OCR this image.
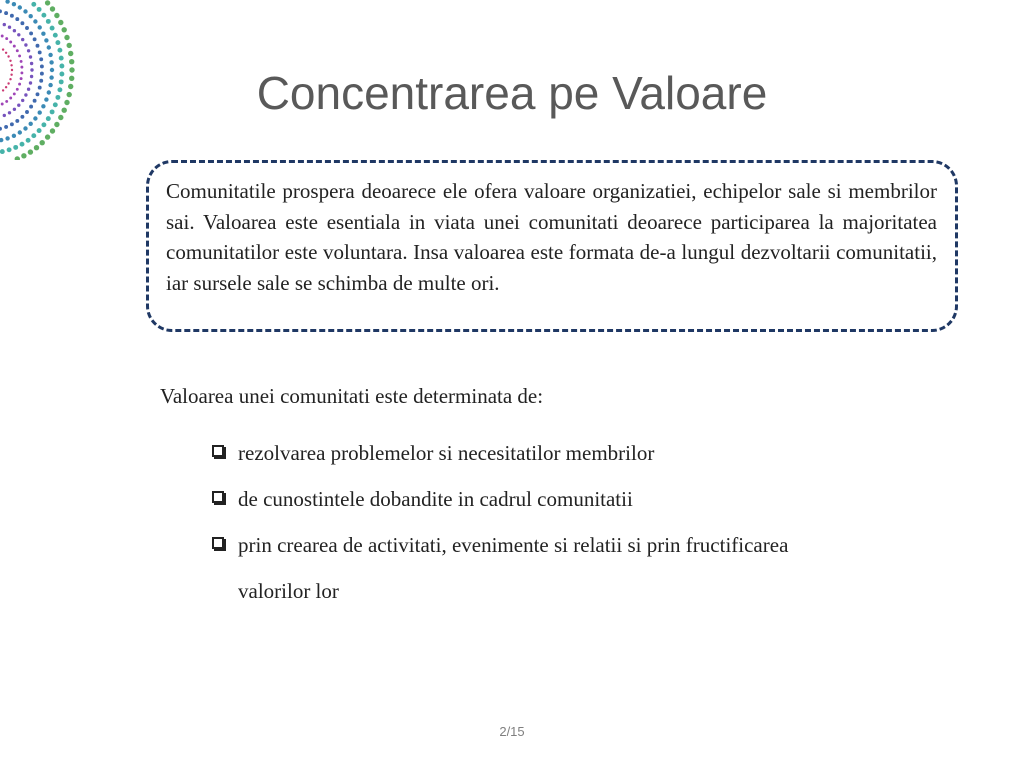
Concentrarea pe Valoare

Comunitatile prospera deoarece ele ofera valoare organizatiei, echipelor sale si membrilor sai. Valoarea este esentiala in viata unei comunitati deoarece participarea la majoritatea comunitatilor este voluntara. Insa valoarea este formata de-a lungul dezvoltarii comunitatii, iar sursele sale se schimba de multe ori.

Valoarea unei comunitati este determinata de:

rezolvarea problemelor si necesitatilor membrilor
de cunostintele dobandite in cadrul comunitatii
prin crearea de activitati, evenimente si relatii si prin fructificarea valorilor lor
2/15
